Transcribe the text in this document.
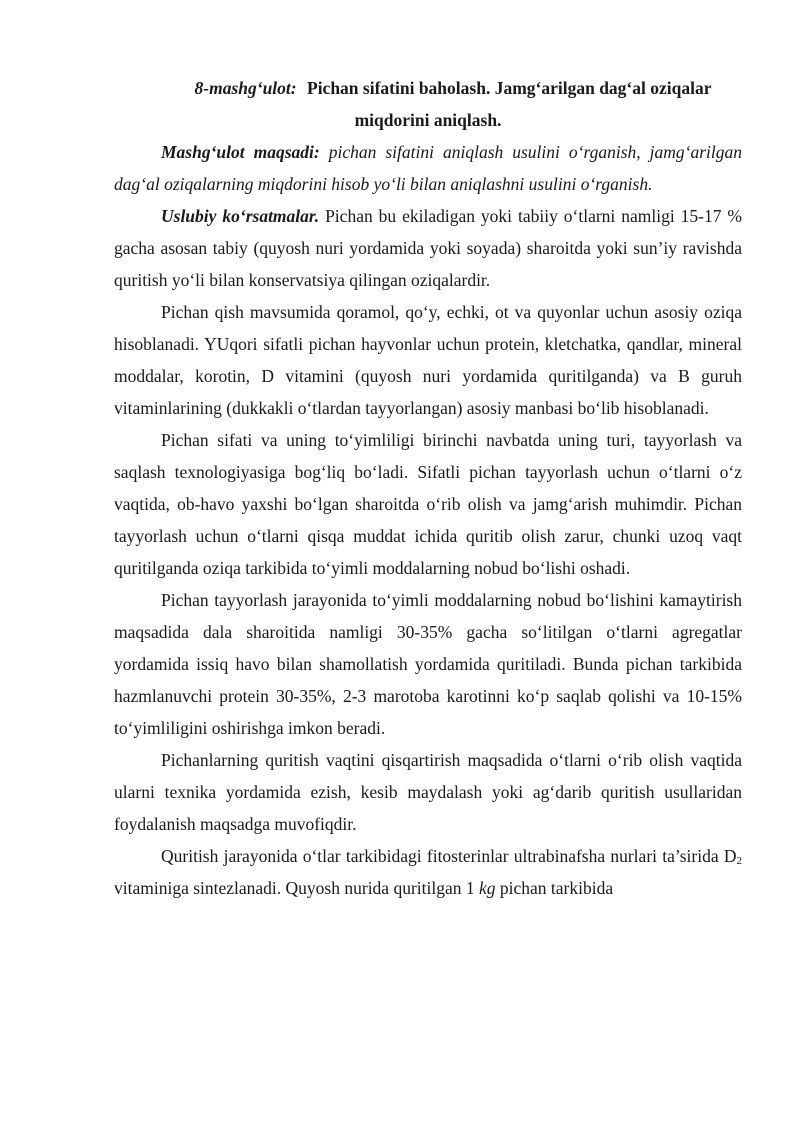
8-mashg‘ulot: Pichan sifatini baholash. Jamg‘arilgan dag‘al oziqalar
miqdorini aniqlash.

Mashg‘ulot maqsadi: pichan sifatini aniqlash usulini o‘rganish, jamg‘arilgan dag‘al oziqalarning miqdorini hisob yo‘li bilan aniqlashni usulini o‘rganish.

Uslubiy ko‘rsatmalar. Pichan bu ekiladigan yoki tabiiy o‘tlarni namligi 15-17 % gacha asosan tabiy (quyosh nuri yordamida yoki soyada) sharoitda yoki sun’iy ravishda quritish yo‘li bilan konservatsiya qilingan oziqalardir.

Pichan qish mavsumida qoramol, qo‘y, echki, ot va quyonlar uchun asosiy oziqa hisoblanadi. YUqori sifatli pichan hayvonlar uchun protein, kletchatka, qandlar, mineral moddalar, korotin, D vitamini (quyosh nuri yordamida quritilganda) va B guruh vitaminlarining (dukkakli o‘tlardan tayyorlangan) asosiy manbasi bo‘lib hisoblanadi.

Pichan sifati va uning to‘yimliligi birinchi navbatda uning turi, tayyorlash va saqlash texnologiyasiga bog‘liq bo‘ladi. Sifatli pichan tayyorlash uchun o‘tlarni o‘z vaqtida, ob-havo yaxshi bo‘lgan sharoitda o‘rib olish va jamg‘arish muhimdir. Pichan tayyorlash uchun o‘tlarni qisqa muddat ichida quritib olish zarur, chunki uzoq vaqt quritilganda oziqa tarkibida to‘yimli moddalarning nobud bo‘lishi oshadi.

Pichan tayyorlash jarayonida to‘yimli moddalarning nobud bo‘lishini kamaytirish maqsadida dala sharoitida namligi 30-35% gacha so‘litilgan o‘tlarni agregatlar yordamida issiq havo bilan shamollatish yordamida quritiladi. Bunda pichan tarkibida hazmlanuvchi protein 30-35%, 2-3 marotoba karotinni ko‘p saqlab qolishi va 10-15% to‘yimliligini oshirishga imkon beradi.

Pichanlarning quritish vaqtini qisqartirish maqsadida o‘tlarni o‘rib olish vaqtida ularni texnika yordamida ezish, kesib maydalash yoki ag‘darib quritish usullaridan foydalanish maqsadga muvofiqdir.

Quritish jarayonida o‘tlar tarkibidagi fitosterinlar ultrabinafsha nurlari ta’sirida $D_2$ vitaminiga sintezlanadi. Quyosh nurida quritilgan 1 kg pichan tarkibida
